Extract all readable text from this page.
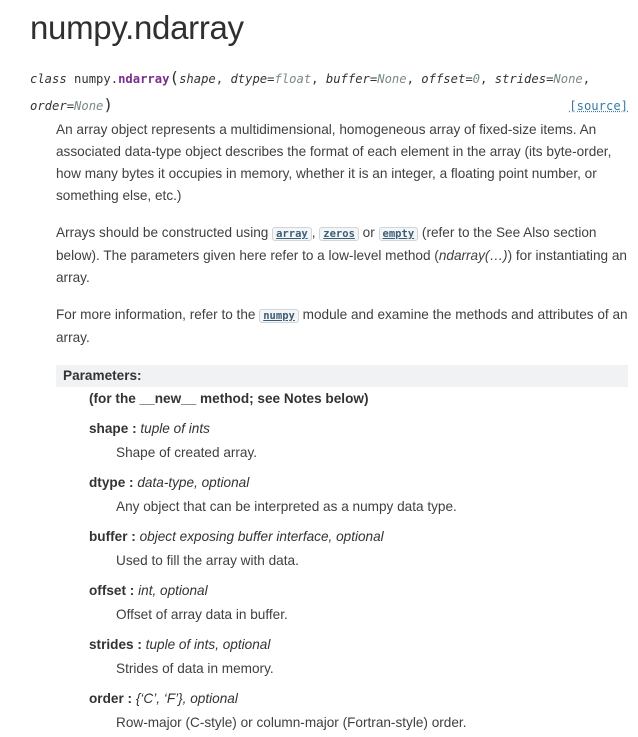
numpy.ndarray
class numpy.ndarray(shape, dtype=float, buffer=None, offset=0, strides=None,
order=None)	[source]

An array object represents a multidimensional, homogeneous array of fixed-size items. An associated data-type object describes the format of each element in the array (its byte-order, how many bytes it occupies in memory, whether it is an integer, a floating point number, or something else, etc.)

Arrays should be constructed using array , zeros or empty (refer to the See Also section below). The parameters given here refer to a low-level method (ndarray(…)) for instantiating an array.

For more information, refer to the numpy module and examine the methods and attributes of an array.

Parameters:
(for the __new__ method; see Notes below)
shape : tuple of ints
Shape of created array.
dtype : data-type, optional
Any object that can be interpreted as a numpy data type.
buffer : object exposing buffer interface, optional
Used to fill the array with data.
offset : int, optional
Offset of array data in buffer.
strides : tuple of ints, optional
Strides of data in memory.
order : {‘C’, ‘F’}, optional
Row-major (C-style) or column-major (Fortran-style) order.
